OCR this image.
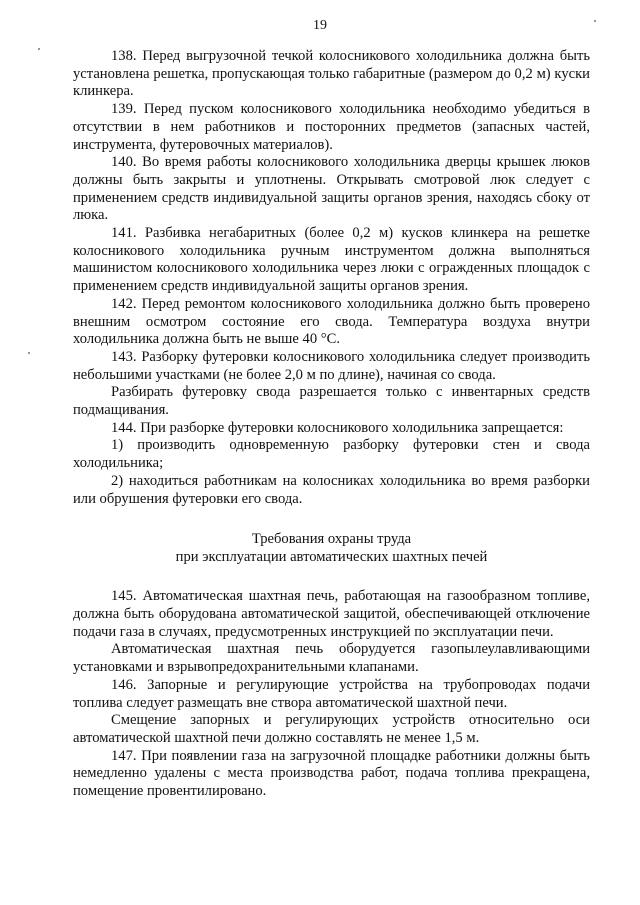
19

138. Перед выгрузочной течкой колосникового холодильника должна быть установлена решетка, пропускающая только габаритные (размером до 0,2 м) куски клинкера.

139. Перед пуском колосникового холодильника необходимо убедиться в отсутствии в нем работников и посторонних предметов (запасных частей, инструмента, футеровочных материалов).

140. Во время работы колосникового холодильника дверцы крышек люков должны быть закрыты и уплотнены. Открывать смотровой люк следует с применением средств индивидуальной защиты органов зрения, находясь сбоку от люка.

141. Разбивка негабаритных (более 0,2 м) кусков клинкера на решетке колосникового холодильника ручным инструментом должна выполняться машинистом колосникового холодильника через люки с огражденных площадок с применением средств индивидуальной защиты органов зрения.

142. Перед ремонтом колосникового холодильника должно быть проверено внешним осмотром состояние его свода. Температура воздуха внутри холодильника должна быть не выше 40 °С.

143. Разборку футеровки колосникового холодильника следует производить небольшими участками (не более 2,0 м по длине), начиная со свода.

Разбирать футеровку свода разрешается только с инвентарных средств подмащивания.

144. При разборке футеровки колосникового холодильника запрещается:

1) производить одновременную разборку футеровки стен и свода холодильника;

2) находиться работникам на колосниках холодильника во время разборки или обрушения футеровки его свода.

Требования охраны труда
при эксплуатации автоматических шахтных печей

145. Автоматическая шахтная печь, работающая на газообразном топливе, должна быть оборудована автоматической защитой, обеспечивающей отключение подачи газа в случаях, предусмотренных инструкцией по эксплуатации печи.

Автоматическая шахтная печь оборудуется газопылеулавливающими установками и взрывопредохранительными клапанами.

146. Запорные и регулирующие устройства на трубопроводах подачи топлива следует размещать вне створа автоматической шахтной печи.

Смещение запорных и регулирующих устройств относительно оси автоматической шахтной печи должно составлять не менее 1,5 м.

147. При появлении газа на загрузочной площадке работники должны быть немедленно удалены с места производства работ, подача топлива прекращена, помещение провентилировано.
